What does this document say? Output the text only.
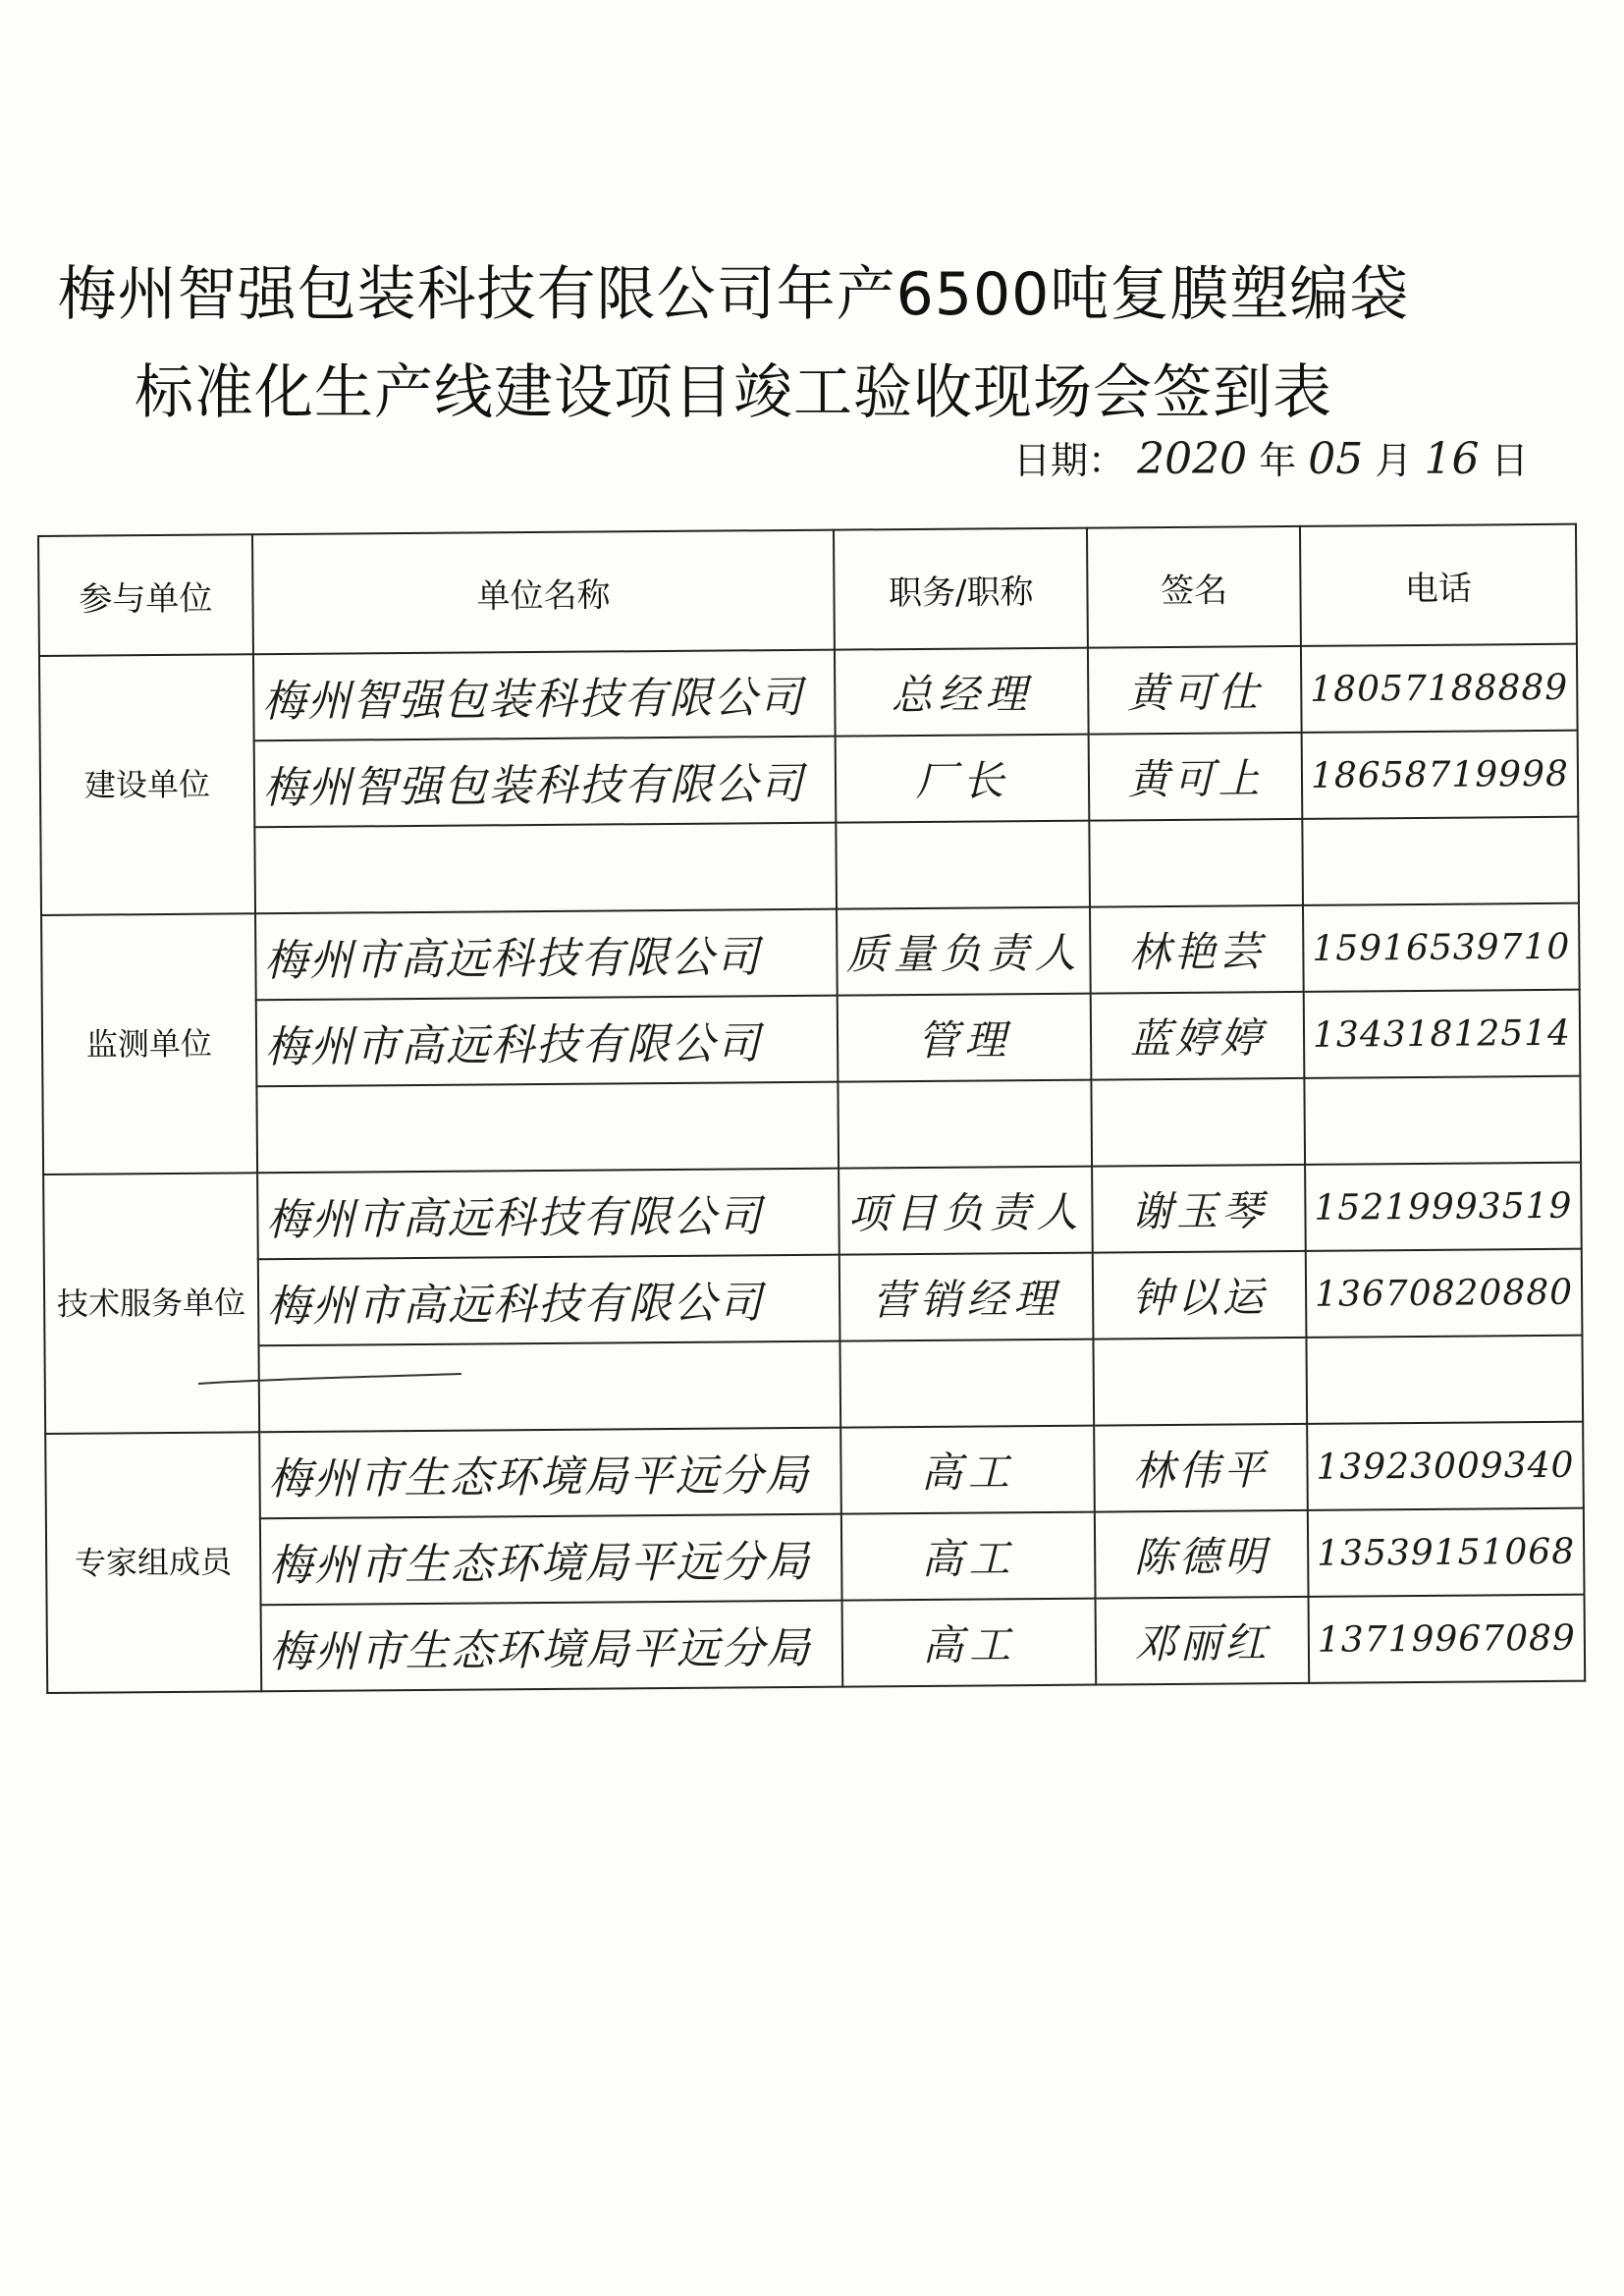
梅州智强包装科技有限公司年产6500吨复膜塑编袋
标准化生产线建设项目竣工验收现场会签到表
日期： 2020 年 05 月 16 日
参与单位	单位名称	职务/职称	签名	电话
建设单位	梅州智强包装科技有限公司	总经理	黄可仕	18057188889
	梅州智强包装科技有限公司	厂长	黄可上	18658719998

监测单位	梅州市高远科技有限公司	质量负责人	林艳芸	15916539710
	梅州市高远科技有限公司	管理	蓝婷婷	13431812514

技术服务单位	梅州市高远科技有限公司	项目负责人	谢玉琴	15219993519
	梅州市高远科技有限公司	营销经理	钟以运	13670820880

专家组成员	梅州市生态环境局平远分局	高工	林伟平	13923009340
	梅州市生态环境局平远分局	高工	陈德明	13539151068
	梅州市生态环境局平远分局	高工	邓丽红	13719967089
